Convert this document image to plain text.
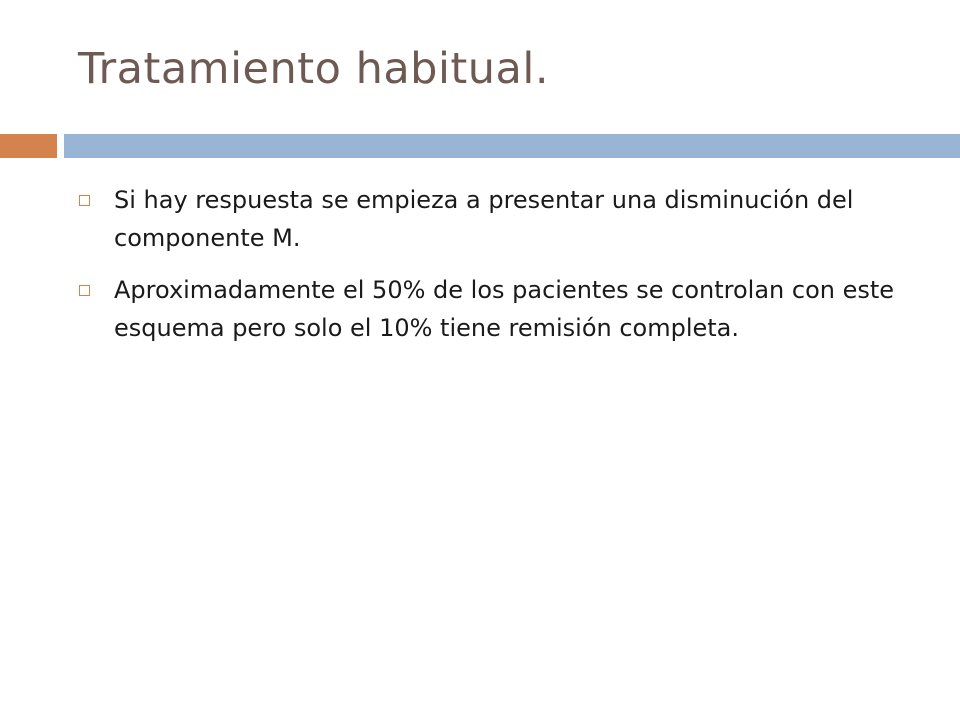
Tratamiento habitual.
Si hay respuesta se empieza a presentar una disminución del componente M.
Aproximadamente el 50% de los pacientes se controlan con este esquema pero solo el 10% tiene remisión completa.
